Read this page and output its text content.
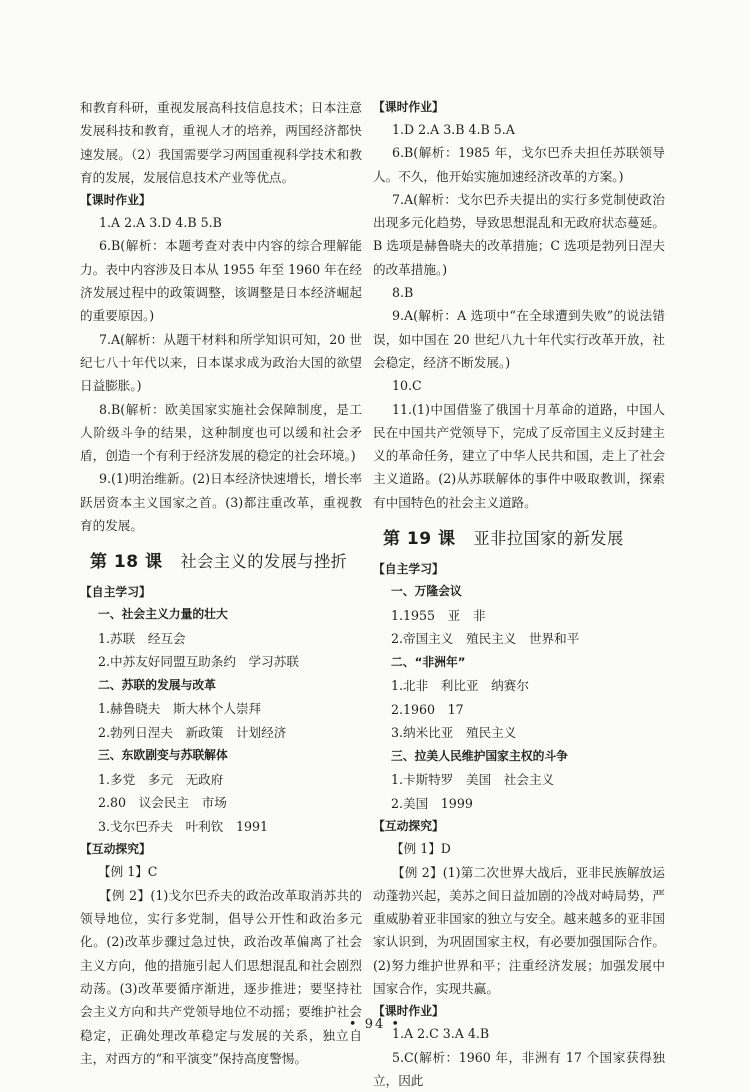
和教育科研，重视发展高科技信息技术；日本注意发展科技和教育，重视人才的培养，两国经济都快速发展。（2）我国需要学习两国重视科学技术和教育的发展，发展信息技术产业等优点。

【课时作业】

1.A 2.A 3.D 4.B 5.B

6.B(解析：本题考查对表中内容的综合理解能力。表中内容涉及日本从 1955 年至 1960 年在经济发展过程中的政策调整，该调整是日本经济崛起的重要原因。)

7.A(解析：从题干材料和所学知识可知，20 世纪七八十年代以来，日本谋求成为政治大国的欲望日益膨胀。)

8.B(解析：欧美国家实施社会保障制度，是工人阶级斗争的结果，这种制度也可以缓和社会矛盾，创造一个有利于经济发展的稳定的社会环境。)

9.(1)明治维新。(2)日本经济快速增长，增长率跃居资本主义国家之首。(3)都注重改革，重视教育的发展。

第 18 课 社会主义的发展与挫折

【自主学习】

一、社会主义力量的壮大

1.苏联　经互会

2.中苏友好同盟互助条约　学习苏联

二、苏联的发展与改革

1.赫鲁晓夫　斯大林个人崇拜

2.勃列日涅夫　新政策　计划经济

三、东欧剧变与苏联解体

1.多党　多元　无政府

2.80　议会民主　市场

3.戈尔巴乔夫　叶利钦　1991

【互动探究】

【例 1】C

【例 2】(1)戈尔巴乔夫的政治改革取消苏共的领导地位，实行多党制，倡导公开性和政治多元化。(2)改革步骤过急过快，政治改革偏离了社会主义方向，他的措施引起人们思想混乱和社会剧烈动荡。(3)改革要循序渐进，逐步推进；要坚持社会主义方向和共产党领导地位不动摇；要维护社会稳定，正确处理改革稳定与发展的关系，独立自主，对西方的“和平演变”保持高度警惕。

【课时作业】

1.D 2.A 3.B 4.B 5.A

6.B(解析：1985 年，戈尔巴乔夫担任苏联领导人。不久，他开始实施加速经济改革的方案。)

7.A(解析：戈尔巴乔夫提出的实行多党制使政治出现多元化趋势，导致思想混乱和无政府状态蔓延。B 选项是赫鲁晓夫的改革措施；C 选项是勃列日涅夫的改革措施。)

8.B

9.A(解析：A 选项中“在全球遭到失败”的说法错误，如中国在 20 世纪八九十年代实行改革开放，社会稳定，经济不断发展。)

10.C

11.(1)中国借鉴了俄国十月革命的道路，中国人民在中国共产党领导下，完成了反帝国主义反封建主义的革命任务，建立了中华人民共和国，走上了社会主义道路。(2)从苏联解体的事件中吸取教训，探索有中国特色的社会主义道路。

第 19 课 亚非拉国家的新发展

【自主学习】

一、万隆会议

1.1955　亚　非

2.帝国主义　殖民主义　世界和平

二、“非洲年”

1.北非　利比亚　纳赛尔

2.1960　17

3.纳米比亚　殖民主义

三、拉美人民维护国家主权的斗争

1.卡斯特罗　美国　社会主义

2.美国　1999

【互动探究】

【例 1】D

【例 2】(1)第二次世界大战后，亚非民族解放运动蓬勃兴起，美苏之间日益加剧的冷战对峙局势，严重威胁着亚非国家的独立与安全。越来越多的亚非国家认识到，为巩固国家主权，有必要加强国际合作。(2)努力维护世界和平；注重经济发展；加强发展中国家合作，实现共赢。

【课时作业】

1.A 2.C 3.A 4.B

5.C(解析：1960 年，非洲有 17 个国家获得独立，因此

• 94 •
